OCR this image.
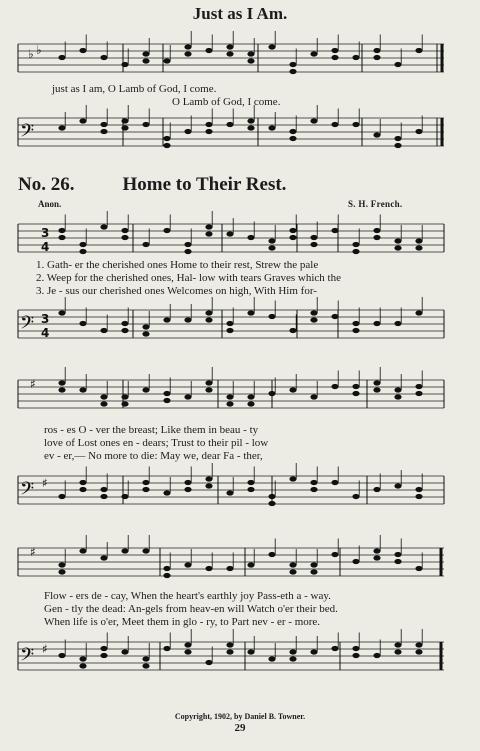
Just as I Am.
♭ ♭
just as I am, O Lamb of God, I come.
O Lamb of God, I come.
𝄢
No. 26.	Home to Their Rest.
Anon.	S. H. French.
3
4
1. Gath- er the cherished ones Home to their rest, Strew the pale
2. Weep for the cherished ones, Hal- low with tears Graves which the
3. Je - sus our cherished ones Welcomes on high, With Him for-
𝄢 3
4
♯
ros - es O - ver the breast; Like them in beau - ty
love of Lost ones en - dears; Trust to their pil - low
ev - er,— No more to die: May we, dear Fa - ther,
𝄢 ♯
♯
Flow - ers de - cay, When the heart's earthly joy Pass-eth a - way.
Gen - tly the dead: An-gels from heav-en will Watch o'er their bed.
When life is o'er, Meet them in glo - ry, to Part nev - er - more.
𝄢 ♯
Copyright, 1902, by Daniel B. Towner.
29
